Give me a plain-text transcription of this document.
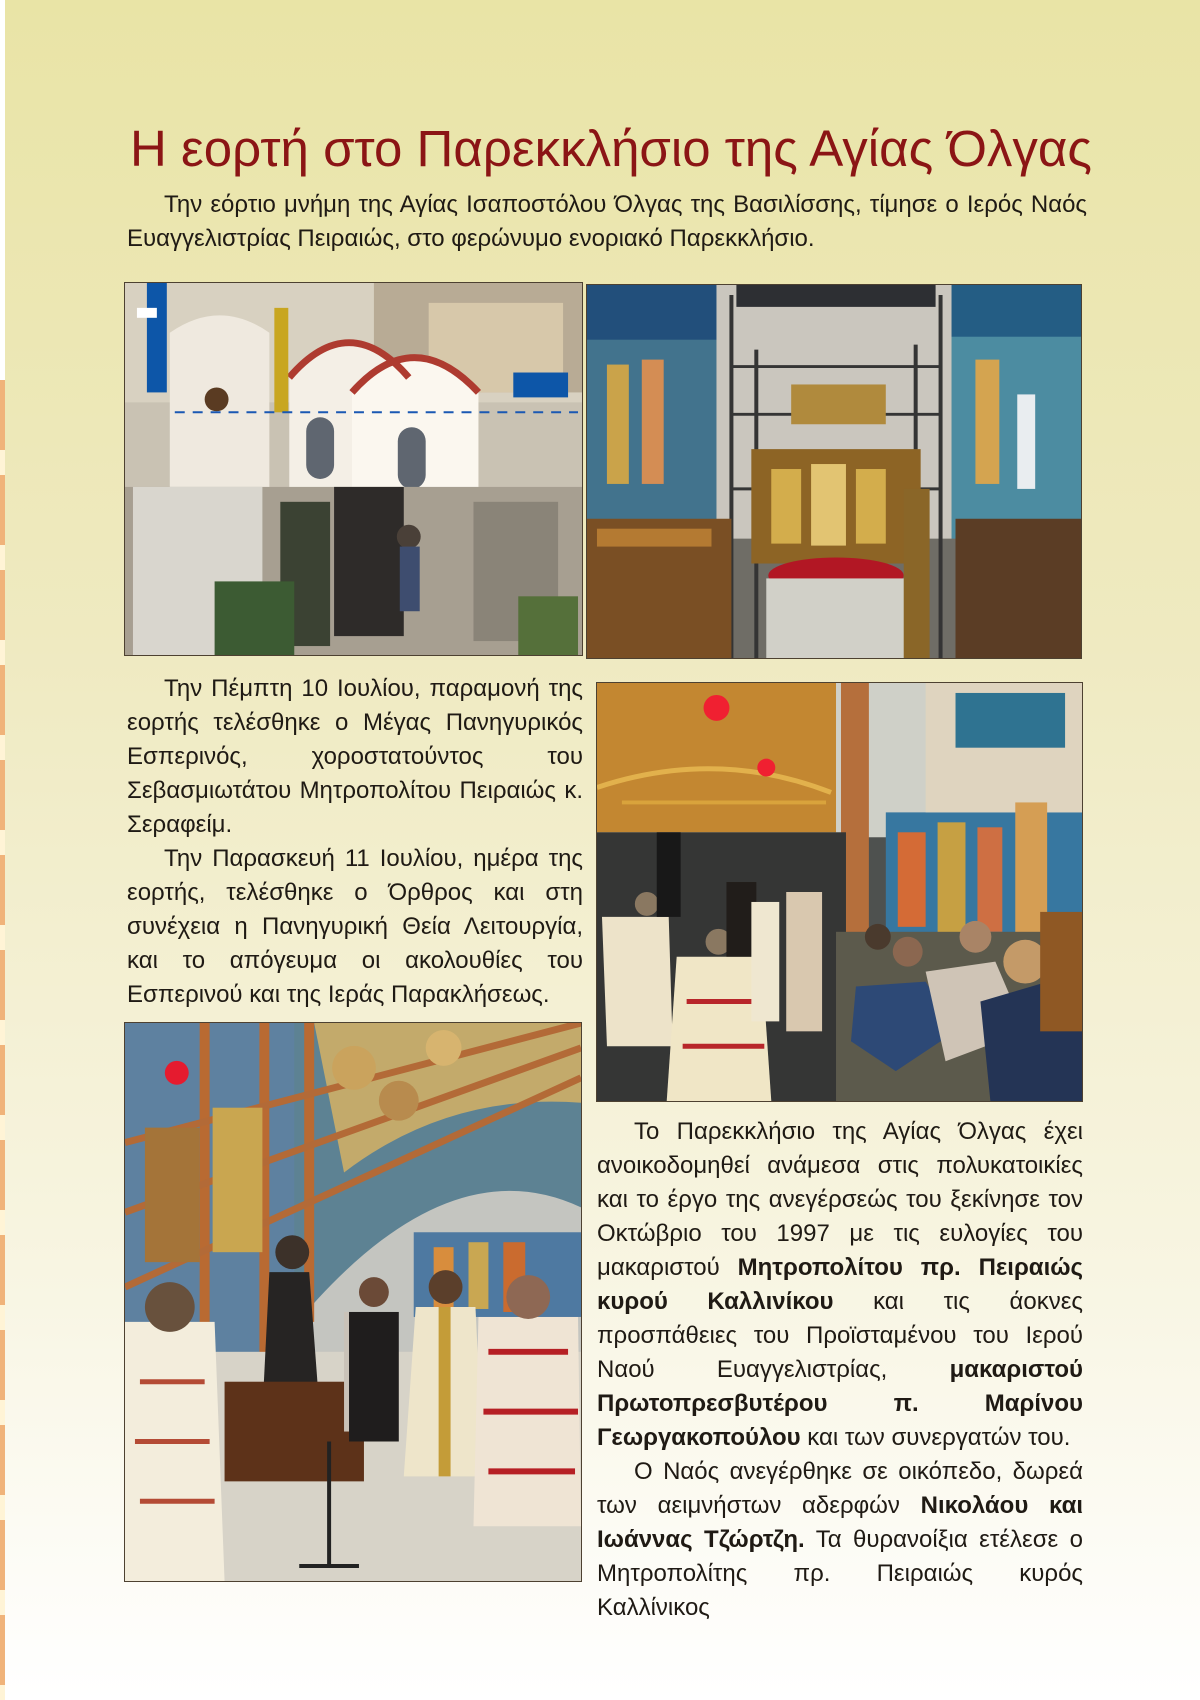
Η εορτή στο Παρεκκλήσιο της Αγίας Όλγας

Την εόρτιο μνήμη της Αγίας Ισαποστόλου Όλγας της Βασιλίσσης, τίμησε ο Ιερός Ναός Ευαγγελιστρίας Πειραιώς, στο φερώνυμο ενοριακό Παρεκκλήσιο.

Την Πέμπτη 10 Ιουλίου, παραμονή της εορτής τελέσθηκε ο Μέγας Πανηγυρικός Εσπερινός, χοροστατούντος του Σεβασμιωτάτου Μητροπολίτου Πειραιώς κ. Σεραφείμ.

Την Παρασκευή 11 Ιουλίου, ημέρα της εορτής, τελέσθηκε ο Όρθρος και στη συνέχεια η Πανηγυρική Θεία Λειτουργία, και το απόγευμα οι ακολουθίες του Εσπερινού και της Ιεράς Παρακλήσεως.

Το Παρεκκλήσιο της Αγίας Όλγας έχει ανοικοδομηθεί ανάμεσα στις πολυκατοικίες και το έργο της ανεγέρσεώς του ξεκίνησε τον Οκτώβριο του 1997 με τις ευλογίες του μακαριστού Μητροπολίτου πρ. Πειραιώς κυρού Καλλινίκου και τις άοκνες προσπάθειες του Προϊσταμένου του Ιερού Ναού Ευαγγελιστρίας, μακαριστού Πρωτοπρεσβυτέρου π. Μαρίνου Γεωργακοπούλου και των συνεργατών του.

Ο Ναός ανεγέρθηκε σε οικόπεδο, δωρεά των αειμνήστων αδερφών Νικολάου και Ιωάννας Τζώρτζη. Τα θυρανοίξια ετέλεσε ο Μητροπολίτης πρ. Πειραιώς κυρός Καλλίνικος
